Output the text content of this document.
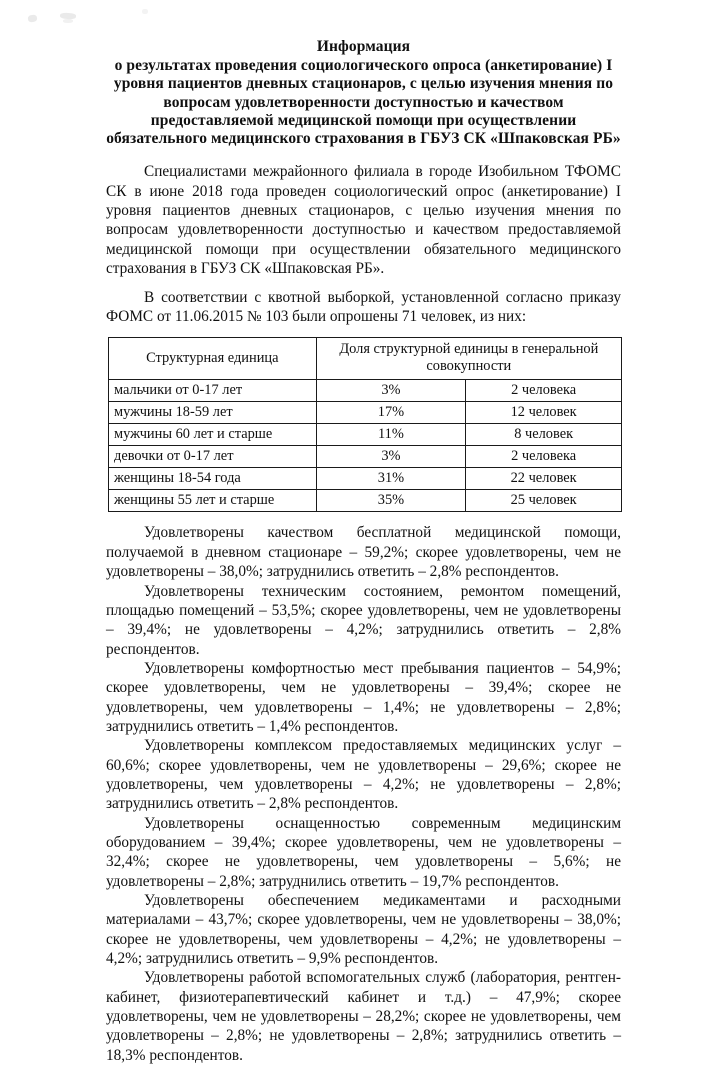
Информация
о результатах проведения социологического опроса (анкетирование) I уровня пациентов дневных стационаров, с целью изучения мнения по вопросам удовлетворенности доступностью и качеством предоставляемой медицинской помощи при осуществлении обязательного медицинского страхования в ГБУЗ СК «Шпаковская РБ»

Специалистами межрайонного филиала в городе Изобильном ТФОМС СК в июне 2018 года проведен социологический опрос (анкетирование) I уровня пациентов дневных стационаров, с целью изучения мнения по вопросам удовлетворенности доступностью и качеством предоставляемой медицинской помощи при осуществлении обязательного медицинского страхования в ГБУЗ СК «Шпаковская РБ».

В соответствии с квотной выборкой, установленной согласно приказу ФОМС от 11.06.2015 № 103 были опрошены 71 человек, из них:

Структурная единица	Доля структурной единицы в генеральной совокупности	
мальчики от 0-17 лет	3%	2 человека
мужчины 18-59 лет	17%	12 человек
мужчины 60 лет и старше	11%	8 человек
девочки от 0-17 лет	3%	2 человека
женщины 18-54 года	31%	22 человек
женщины 55 лет и старше	35%	25 человек

Удовлетворены качеством бесплатной медицинской помощи, получаемой в дневном стационаре – 59,2%; скорее удовлетворены, чем не удовлетворены – 38,0%; затруднились ответить – 2,8% респондентов.

Удовлетворены техническим состоянием, ремонтом помещений, площадью помещений – 53,5%; скорее удовлетворены, чем не удовлетворены – 39,4%; не удовлетворены – 4,2%; затруднились ответить – 2,8% респондентов.

Удовлетворены комфортностью мест пребывания пациентов – 54,9%; скорее удовлетворены, чем не удовлетворены – 39,4%; скорее не удовлетворены, чем удовлетворены – 1,4%; не удовлетворены – 2,8%; затруднились ответить – 1,4% респондентов.

Удовлетворены комплексом предоставляемых медицинских услуг – 60,6%; скорее удовлетворены, чем не удовлетворены – 29,6%; скорее не удовлетворены, чем удовлетворены – 4,2%; не удовлетворены – 2,8%; затруднились ответить – 2,8% респондентов.

Удовлетворены оснащенностью современным медицинским оборудованием – 39,4%; скорее удовлетворены, чем не удовлетворены – 32,4%; скорее не удовлетворены, чем удовлетворены – 5,6%; не удовлетворены – 2,8%; затруднились ответить – 19,7% респондентов.

Удовлетворены обеспечением медикаментами и расходными материалами – 43,7%; скорее удовлетворены, чем не удовлетворены – 38,0%; скорее не удовлетворены, чем удовлетворены – 4,2%; не удовлетворены – 4,2%; затруднились ответить – 9,9% респондентов.

Удовлетворены работой вспомогательных служб (лаборатория, рентген-кабинет, физиотерапевтический кабинет и т.д.) – 47,9%; скорее удовлетворены, чем не удовлетворены – 28,2%; скорее не удовлетворены, чем удовлетворены – 2,8%; не удовлетворены – 2,8%; затруднились ответить – 18,3% респондентов.
